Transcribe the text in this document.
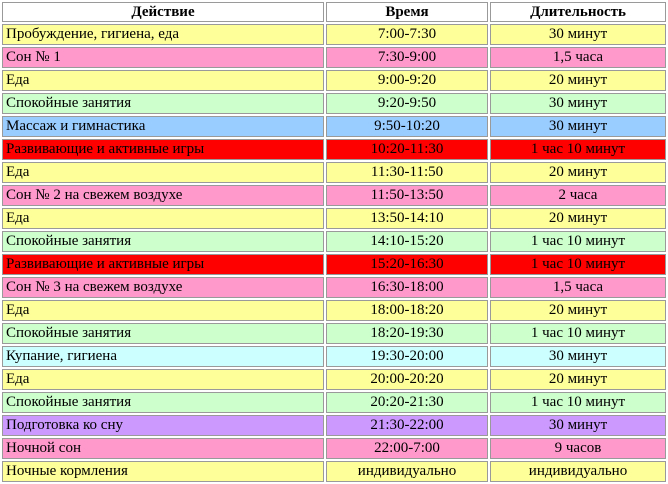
Действие	Время	Длительность
Пробуждение, гигиена, еда	7:00-7:30	30 минут
Сон № 1	7:30-9:00	1,5 часа
Еда	9:00-9:20	20 минут
Спокойные занятия	9:20-9:50	30 минут
Массаж и гимнастика	9:50-10:20	30 минут
Развивающие и активные игры	10:20-11:30	1 час 10 минут
Еда	11:30-11:50	20 минут
Сон № 2 на свежем воздухе	11:50-13:50	2 часа
Еда	13:50-14:10	20 минут
Спокойные занятия	14:10-15:20	1 час 10 минут
Развивающие и активные игры	15:20-16:30	1 час 10 минут
Сон № 3 на свежем воздухе	16:30-18:00	1,5 часа
Еда	18:00-18:20	20 минут
Спокойные занятия	18:20-19:30	1 час 10 минут
Купание, гигиена	19:30-20:00	30 минут
Еда	20:00-20:20	20 минут
Спокойные занятия	20:20-21:30	1 час 10 минут
Подготовка ко сну	21:30-22:00	30 минут
Ночной сон	22:00-7:00	9 часов
Ночные кормления	индивидуально	индивидуально
